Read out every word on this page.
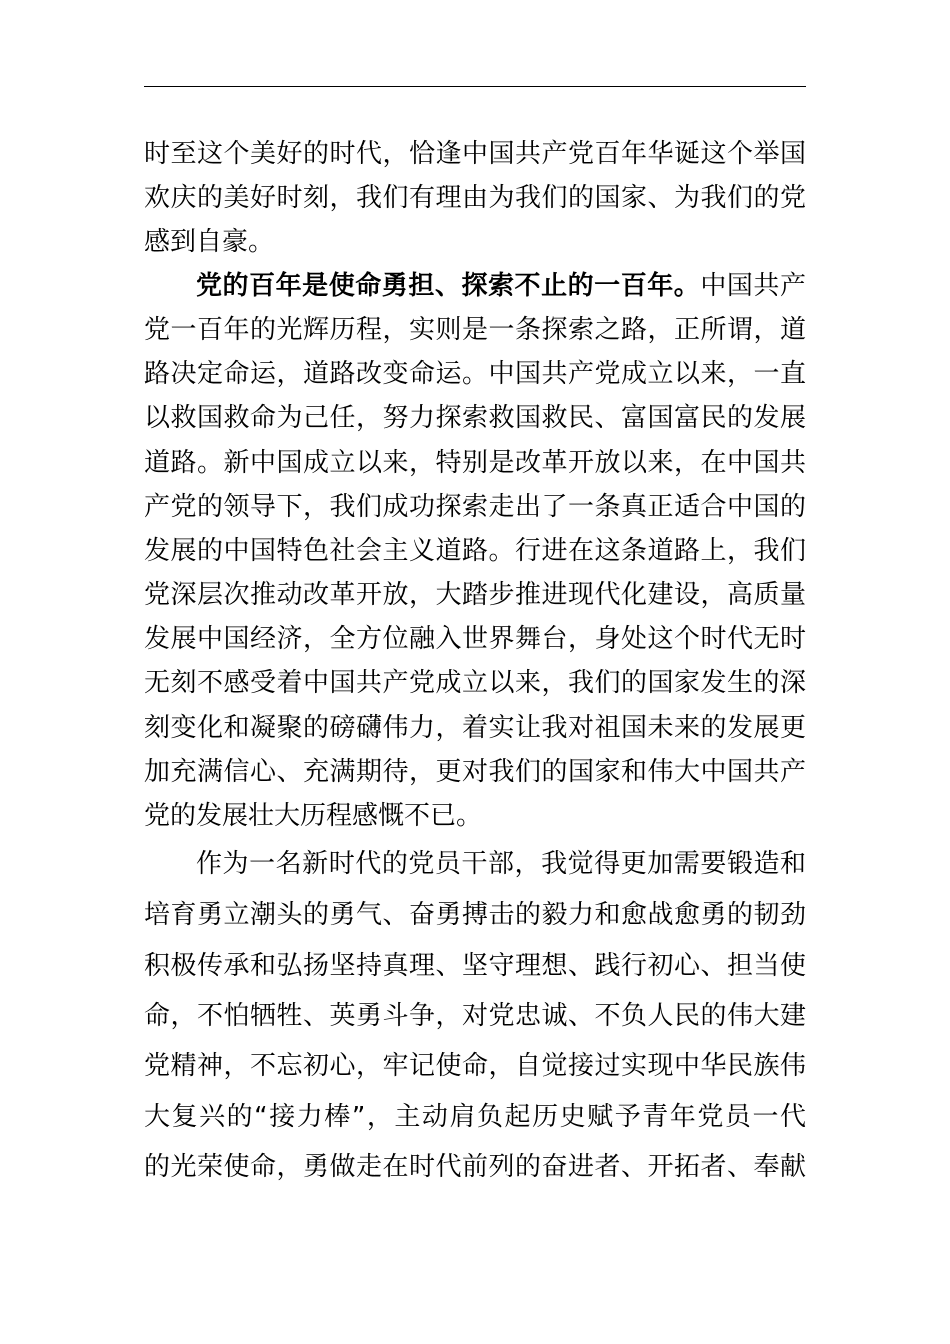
时至这个美好的时代，恰逢中国共产党百年华诞这个举国
欢庆的美好时刻，我们有理由为我们的国家、为我们的党
感到自豪。
党的百年是使命勇担、探索不止的一百年。中国共产
党一百年的光辉历程，实则是一条探索之路，正所谓，道
路决定命运，道路改变命运。中国共产党成立以来，一直
以救国救命为己任，努力探索救国救民、富国富民的发展
道路。新中国成立以来，特别是改革开放以来，在中国共
产党的领导下，我们成功探索走出了一条真正适合中国的
发展的中国特色社会主义道路。行进在这条道路上，我们
党深层次推动改革开放，大踏步推进现代化建设，高质量
发展中国经济，全方位融入世界舞台，身处这个时代无时
无刻不感受着中国共产党成立以来，我们的国家发生的深
刻变化和凝聚的磅礴伟力，着实让我对祖国未来的发展更
加充满信心、充满期待，更对我们的国家和伟大中国共产
党的发展壮大历程感慨不已。
作为一名新时代的党员干部，我觉得更加需要锻造和
培育勇立潮头的勇气、奋勇搏击的毅力和愈战愈勇的韧劲
积极传承和弘扬坚持真理、坚守理想、践行初心、担当使
命，不怕牺牲、英勇斗争，对党忠诚、不负人民的伟大建
党精神，不忘初心，牢记使命，自觉接过实现中华民族伟
大复兴的“接力棒”，主动肩负起历史赋予青年党员一代
的光荣使命，勇做走在时代前列的奋进者、开拓者、奉献
